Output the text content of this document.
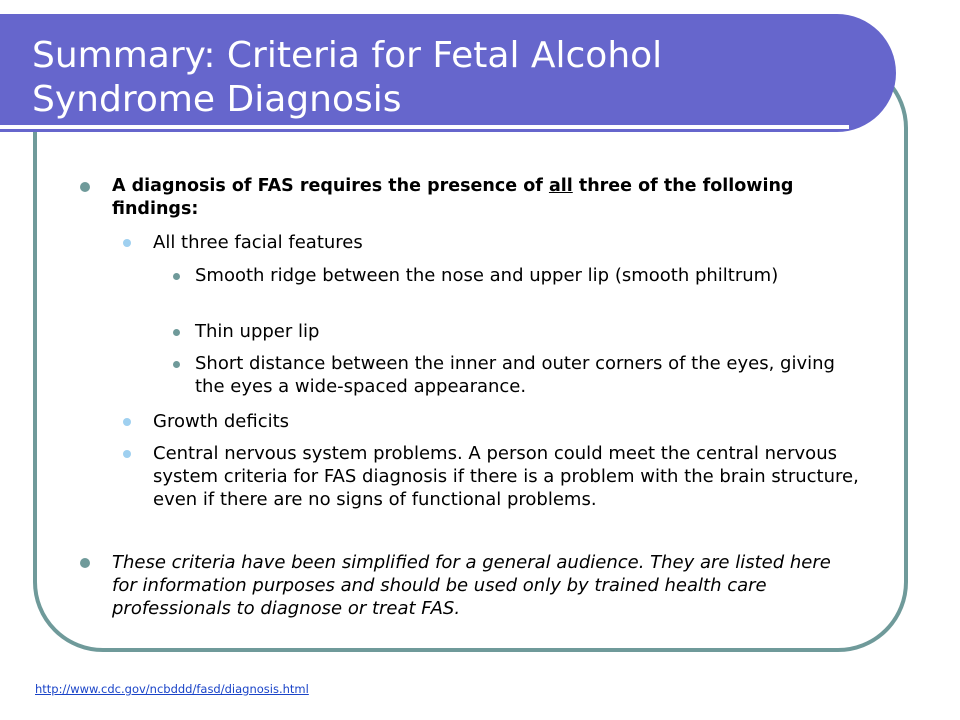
Summary: Criteria for Fetal Alcohol Syndrome Diagnosis

A diagnosis of FAS requires the presence of all three of the following findings:

All three facial features

Smooth ridge between the nose and upper lip (smooth philtrum)

Thin upper lip

Short distance between the inner and outer corners of the eyes, giving the eyes a wide-spaced appearance.

Growth deficits

Central nervous system problems. A person could meet the central nervous system criteria for FAS diagnosis if there is a problem with the brain structure, even if there are no signs of functional problems.

These criteria have been simplified for a general audience. They are listed here for information purposes and should be used only by trained health care professionals to diagnose or treat FAS.

http://www.cdc.gov/ncbddd/fasd/diagnosis.html
